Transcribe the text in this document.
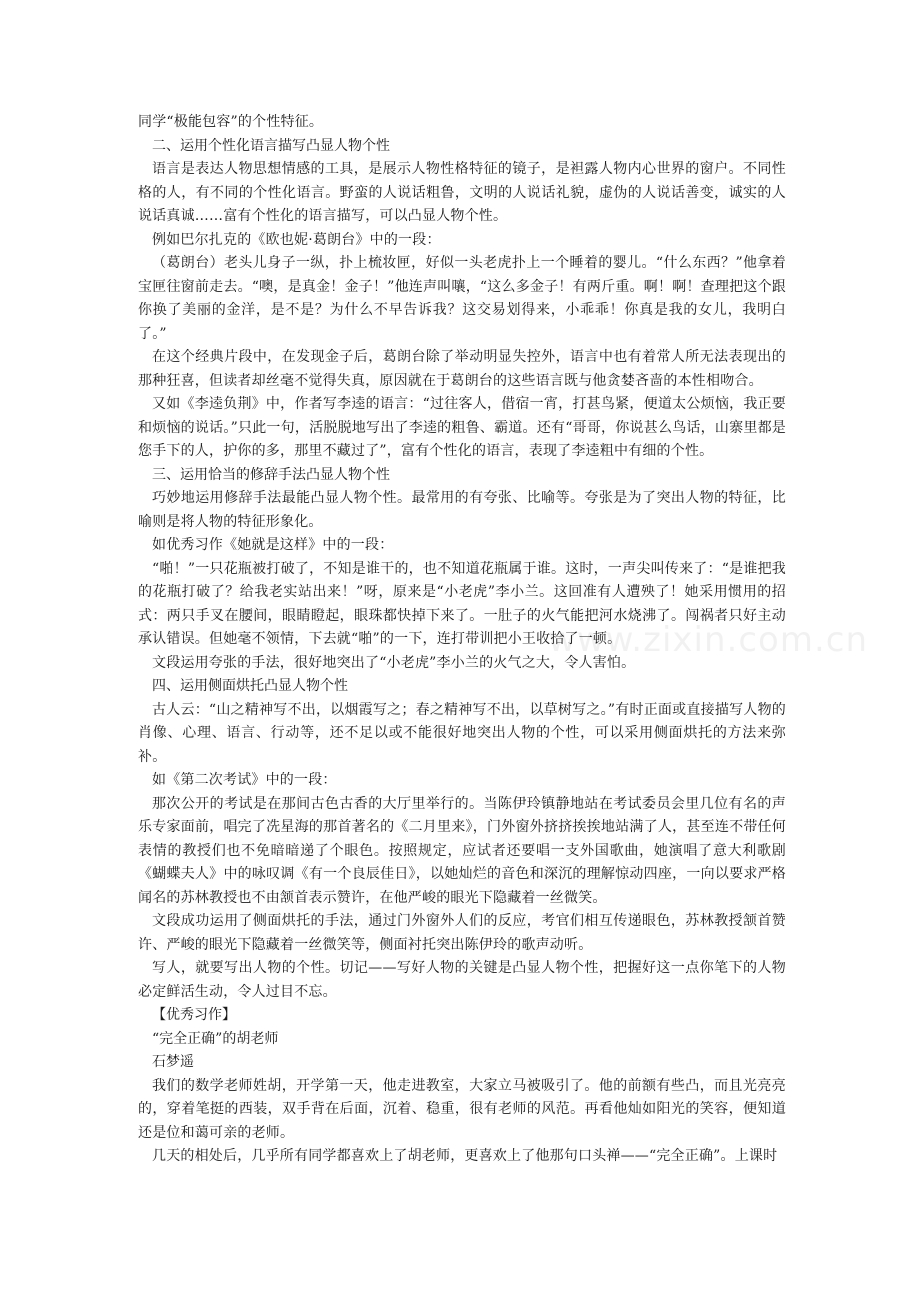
www.zixin.com.cn

同学“极能包容”的个性特征。

二、运用个性化语言描写凸显人物个性

语言是表达人物思想情感的工具，是展示人物性格特征的镜子，是袒露人物内心世界的窗户。不同性格的人，有不同的个性化语言。野蛮的人说话粗鲁，文明的人说话礼貌，虚伪的人说话善变，诚实的人说话真诚……富有个性化的语言描写，可以凸显人物个性。

例如巴尔扎克的《欧也妮·葛朗台》中的一段：

（葛朗台）老头儿身子一纵，扑上梳妆匣，好似一头老虎扑上一个睡着的婴儿。“什么东西？”他拿着宝匣往窗前走去。“噢，是真金！金子！”他连声叫嚷，“这么多金子！有两斤重。啊！啊！查理把这个跟你换了美丽的金洋，是不是？为什么不早告诉我？这交易划得来，小乖乖！你真是我的女儿，我明白了。”

在这个经典片段中，在发现金子后，葛朗台除了举动明显失控外，语言中也有着常人所无法表现出的那种狂喜，但读者却丝毫不觉得失真，原因就在于葛朗台的这些语言既与他贪婪吝啬的本性相吻合。

又如《李逵负荆》中，作者写李逵的语言：“过往客人，借宿一宵，打甚鸟紧，便道太公烦恼，我正要和烦恼的说话。”只此一句，活脱脱地写出了李逵的粗鲁、霸道。还有“哥哥，你说甚么鸟话，山寨里都是您手下的人，护你的多，那里不藏过了”，富有个性化的语言，表现了李逵粗中有细的个性。

三、运用恰当的修辞手法凸显人物个性

巧妙地运用修辞手法最能凸显人物个性。最常用的有夸张、比喻等。夸张是为了突出人物的特征，比喻则是将人物的特征形象化。

如优秀习作《她就是这样》中的一段：

“啪！”一只花瓶被打破了，不知是谁干的，也不知道花瓶属于谁。这时，一声尖叫传来了：“是谁把我的花瓶打破了？给我老实站出来！”呀，原来是“小老虎”李小兰。这回准有人遭殃了！她采用惯用的招式：两只手叉在腰间，眼睛瞪起，眼珠都快掉下来了。一肚子的火气能把河水烧沸了。闯祸者只好主动承认错误。但她毫不领情，下去就“啪”的一下，连打带训把小王收拾了一顿。

文段运用夸张的手法，很好地突出了“小老虎”李小兰的火气之大，令人害怕。

四、运用侧面烘托凸显人物个性

古人云：“山之精神写不出，以烟霞写之；春之精神写不出，以草树写之。”有时正面或直接描写人物的肖像、心理、语言、行动等，还不足以或不能很好地突出人物的个性，可以采用侧面烘托的方法来弥补。

如《第二次考试》中的一段：

那次公开的考试是在那间古色古香的大厅里举行的。当陈伊玲镇静地站在考试委员会里几位有名的声乐专家面前，唱完了冼星海的那首著名的《二月里来》，门外窗外挤挤挨挨地站满了人，甚至连不带任何表情的教授们也不免暗暗递了个眼色。按照规定，应试者还要唱一支外国歌曲，她演唱了意大利歌剧《蝴蝶夫人》中的咏叹调《有一个良辰佳日》，以她灿烂的音色和深沉的理解惊动四座，一向以要求严格闻名的苏林教授也不由颔首表示赞许，在他严峻的眼光下隐藏着一丝微笑。

文段成功运用了侧面烘托的手法，通过门外窗外人们的反应，考官们相互传递眼色，苏林教授颔首赞许、严峻的眼光下隐藏着一丝微笑等，侧面衬托突出陈伊玲的歌声动听。

写人，就要写出人物的个性。切记——写好人物的关键是凸显人物个性，把握好这一点你笔下的人物必定鲜活生动，令人过目不忘。

【优秀习作】

“完全正确”的胡老师

石梦遥

我们的数学老师姓胡，开学第一天，他走进教室，大家立马被吸引了。他的前额有些凸，而且光亮亮的，穿着笔挺的西装，双手背在后面，沉着、稳重，很有老师的风范。再看他灿如阳光的笑容，便知道还是位和蔼可亲的老师。

几天的相处后，几乎所有同学都喜欢上了胡老师，更喜欢上了他那句口头禅——“完全正确”。上课时
